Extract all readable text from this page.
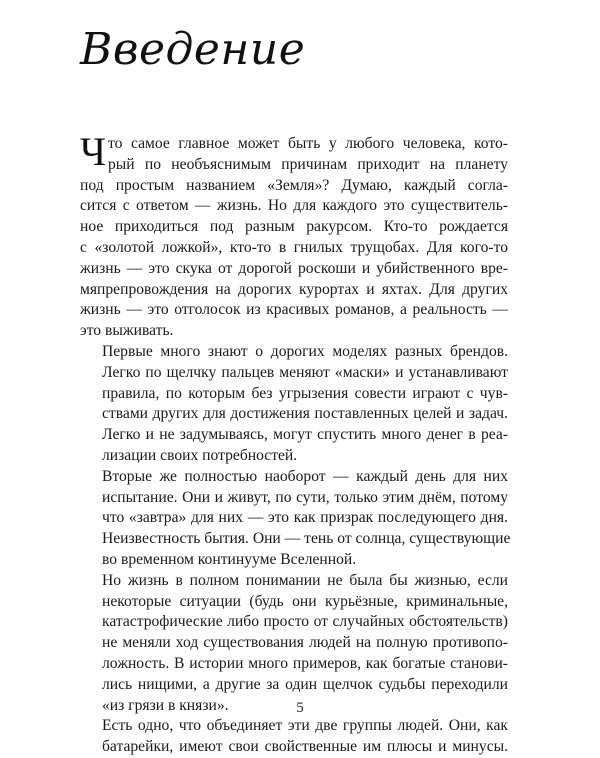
Введение
Ч то самое главное может быть у любого человека, кото-
рый по необъяснимым причинам приходит на планету
под простым названием «Земля»? Думаю, каждый согла-
сится с ответом — жизнь. Но для каждого это существитель-
ное приходиться под разным ракурсом. Кто-то рождается
с «золотой ложкой», кто-то в гнилых трущобах. Для кого-то
жизнь — это скука от дорогой роскоши и убийственного вре-
мяпрепровождения на дорогих курортах и яхтах. Для других
жизнь — это отголосок из красивых романов, а реальность —
это выживать.
Первые много знают о дорогих моделях разных брендов.
Легко по щелчку пальцев меняют «маски» и устанавливают
правила, по которым без угрызения совести играют с чув-
ствами других для достижения поставленных целей и задач.
Легко и не задумываясь, могут спустить много денег в реа-
лизации своих потребностей.
Вторые же полностью наоборот — каждый день для них
испытание. Они и живут, по сути, только этим днём, потому
что «завтра» для них — это как призрак последующего дня.
Неизвестность бытия. Они — тень от солнца, существующие
во временном континууме Вселенной.
Но жизнь в полном понимании не была бы жизнью, если
некоторые ситуации (будь они курьёзные, криминальные,
катастрофические либо просто от случайных обстоятельств)
не меняли ход существования людей на полную противопо-
ложность. В истории много примеров, как богатые станови-
лись нищими, а другие за один щелчок судьбы переходили
«из грязи в князи».
Есть одно, что объединяет эти две группы людей. Они, как
батарейки, имеют свои свойственные им плюсы и минусы.
5
